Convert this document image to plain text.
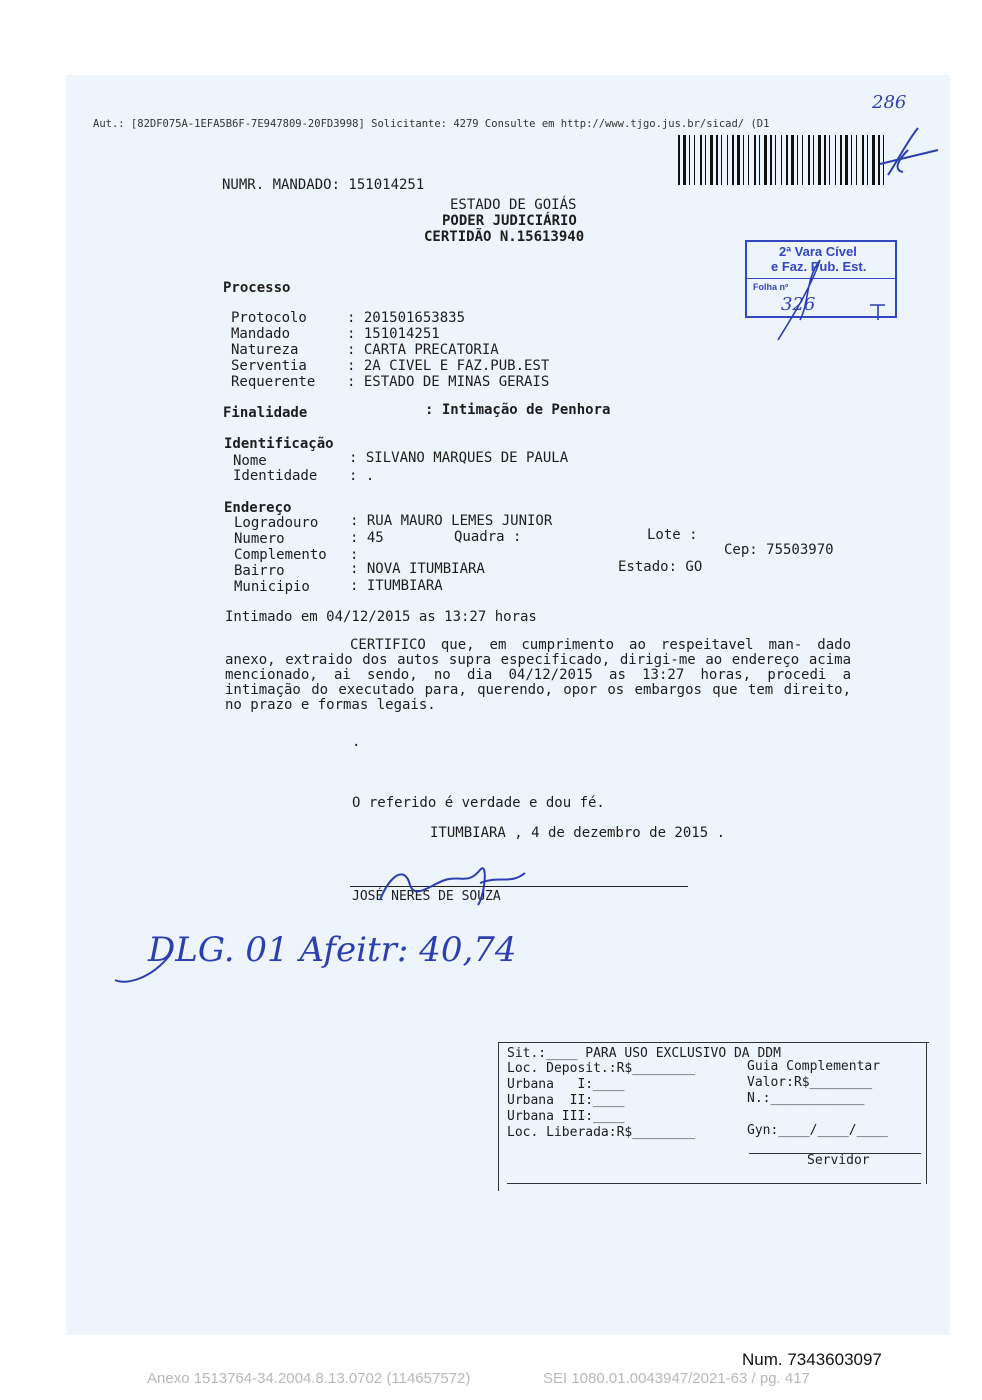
Aut.: [82DF075A-1EFA5B6F-7E947809-20FD3998] Solicitante: 4279 Consulte em http://www.tjgo.jus.br/sicad/ (D1
286
NUMR. MANDADO: 151014251
ESTADO DE GOIÁS
PODER JUDICIÁRIO
CERTIDÃO N.15613940
2ª Vara Cível
e Faz. Pub. Est.
Folha nº
326
Processo
Protocolo	: 201501653835
Mandado	: 151014251
Natureza	: CARTA PRECATORIA
Serventia	: 2A CIVEL E FAZ.PUB.EST
Requerente : ESTADO DE MINAS GERAIS
Finalidade	: Intimação de Penhora
Identificação
Nome	: SILVANO MARQUES DE PAULA
Identidade : .
Endereço
Logradouro : RUA MAURO LEMES JUNIOR
Numero	: 45	Quadra :	Lote :
Cep: 75503970
Complemento :
Bairro	: NOVA ITUMBIARA	Estado: GO
Municipio	: ITUMBIARA
Intimado em 04/12/2015 as 13:27 horas
CERTIFICO que, em cumprimento ao respeitavel man- dado anexo, extraido dos autos supra especificado, dirigi-me ao endereço acima mencionado, ai sendo, no dia 04/12/2015 as 13:27 horas, procedi a intimação do executado para, querendo, opor os embargos que tem direito, no prazo e formas legais.
.
O referido é verdade e dou fé.
ITUMBIARA , 4 de dezembro de 2015 .
JOSÉ NERES DE SOUZA
DLG. 01 Afeitr: 40,74
Sit.:____ PARA USO EXCLUSIVO DA DDM
Loc. Deposit.:R$________	Guia Complementar
Urbana   I:____	Valor:R$________
Urbana  II:____	N.:____________
Urbana III:____
Loc. Liberada:R$________	Gyn:____/____/____
Servidor
Num. 7343603097
Anexo 1513764-34.2004.8.13.0702 (114657572)	SEI 1080.01.0043947/2021-63 / pg. 417
